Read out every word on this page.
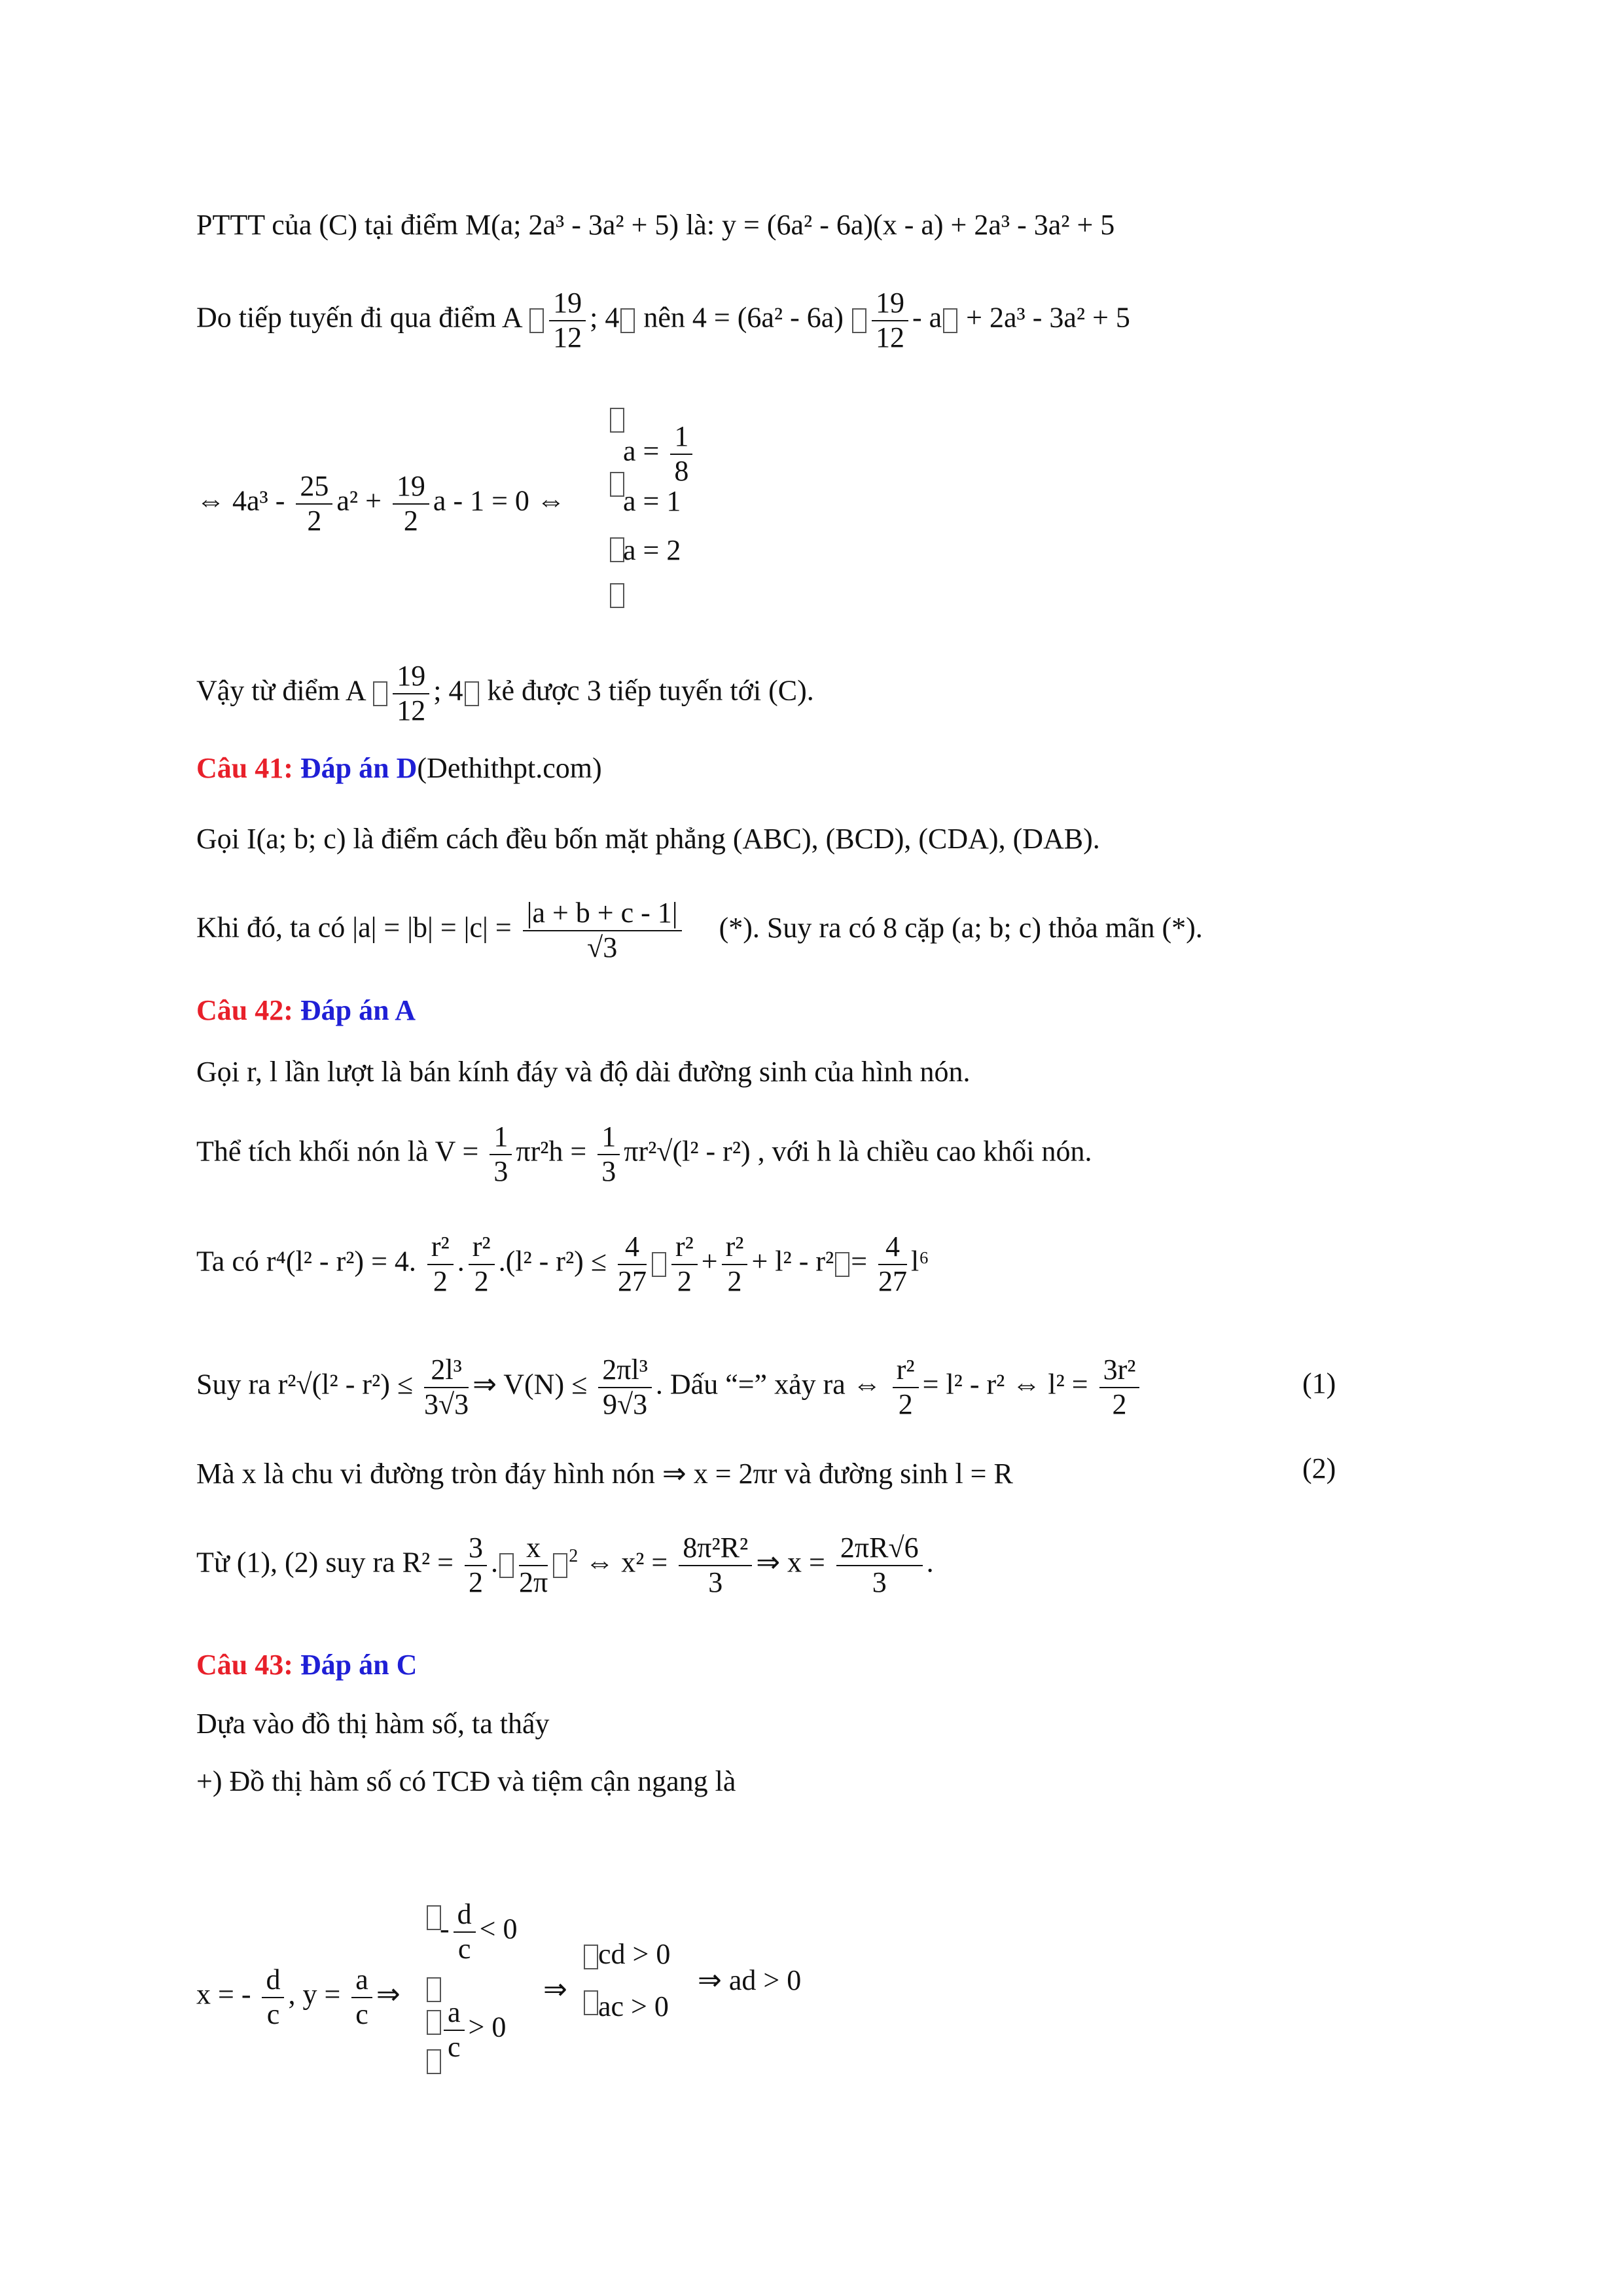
PTTT của (C) tại điểm M(a; 2a³ - 3a² + 5) là: y = (6a² - 6a)(x - a) + 2a³ - 3a² + 5
Do tiếp tuyến đi qua điểm A $\frac{19}{12}$ ; 4 nên $4 = (6a^2 - 6a) \frac{19}{12} - a + 2a^3 - 3a^2 + 5$
⇔ $4a^3 - \frac{25}{2} a^2 + \frac{19}{2}$ a - 1 = 0 ⇔
$a = \frac{1}{8}$
a = 1
a = 2
Vậy từ điểm A $\frac{19}{12}$ ; 4 kẻ được 3 tiếp tuyến tới (C).
Câu 41: Đáp án D(Dethithpt.com)
Gọi I(a; b; c) là điểm cách đều bốn mặt phẳng (ABC), (BCD), (CDA), (DAB).
Khi đó, ta có $|a| = |b| = |c| = \frac{|a + b + c - 1|}{√3}$ (*). Suy ra có 8 cặp (a; b; c) thỏa mãn (*).
Câu 42: Đáp án A
Gọi r, l lần lượt là bán kính đáy và độ dài đường sinh của hình nón.
Thể tích khối nón là $V = \frac{1}{3} \pi r^2h = \frac{1}{3} \pi r^2√(l^2 - r^2)$ , với h là chiều cao khối nón.
Ta có r⁴(l² - r²) = 4. $\frac{\text{r²}}{2}$ . $\frac{\text{r²}}{2} .(l^2 - r^2) \le \frac{4}{27} \frac{\text{r²}}{2} + \frac{\text{r²}}{2} + l^2 - r^2 = \frac{4}{27} l^6$
Suy ra $r^2√(l^2 - r^2) \le \frac{\text{2l³}}{3√3}$ ⇒ $V(N) \le \frac{\text{2πl³}}{9√3}$ . Dấu “=” xảy ra ⇔ $\frac{\text{r²}}{2} = l^2 - r^2$ ⇔ $l^2 = \frac{\text{3r²}}{2}$	(1)
Mà x là chu vi đường tròn đáy hình nón ⇒ x = 2πr và đường sinh l = R	(2)
Từ (1), (2) suy ra $R^2 = \frac{3}{2}$ . $\frac{x}{2\pi} ^2$ ⇔ $x^2 = \frac{\text{8π²R²}}{3}$ ⇒ $x = \frac{2\pi R√6}{3}$ .
Câu 43: Đáp án C
Dựa vào đồ thị hàm số, ta thấy
+) Đồ thị hàm số có TCĐ và tiệm cận ngang là
x = - $\frac{d}{c}$ , $y = \frac{a}{c}$ ⇒
- $\frac{d}{c} < 0$
$\frac{a}{c} > 0$
⇒
cd > 0
ac > 0
⇒ ad > 0
